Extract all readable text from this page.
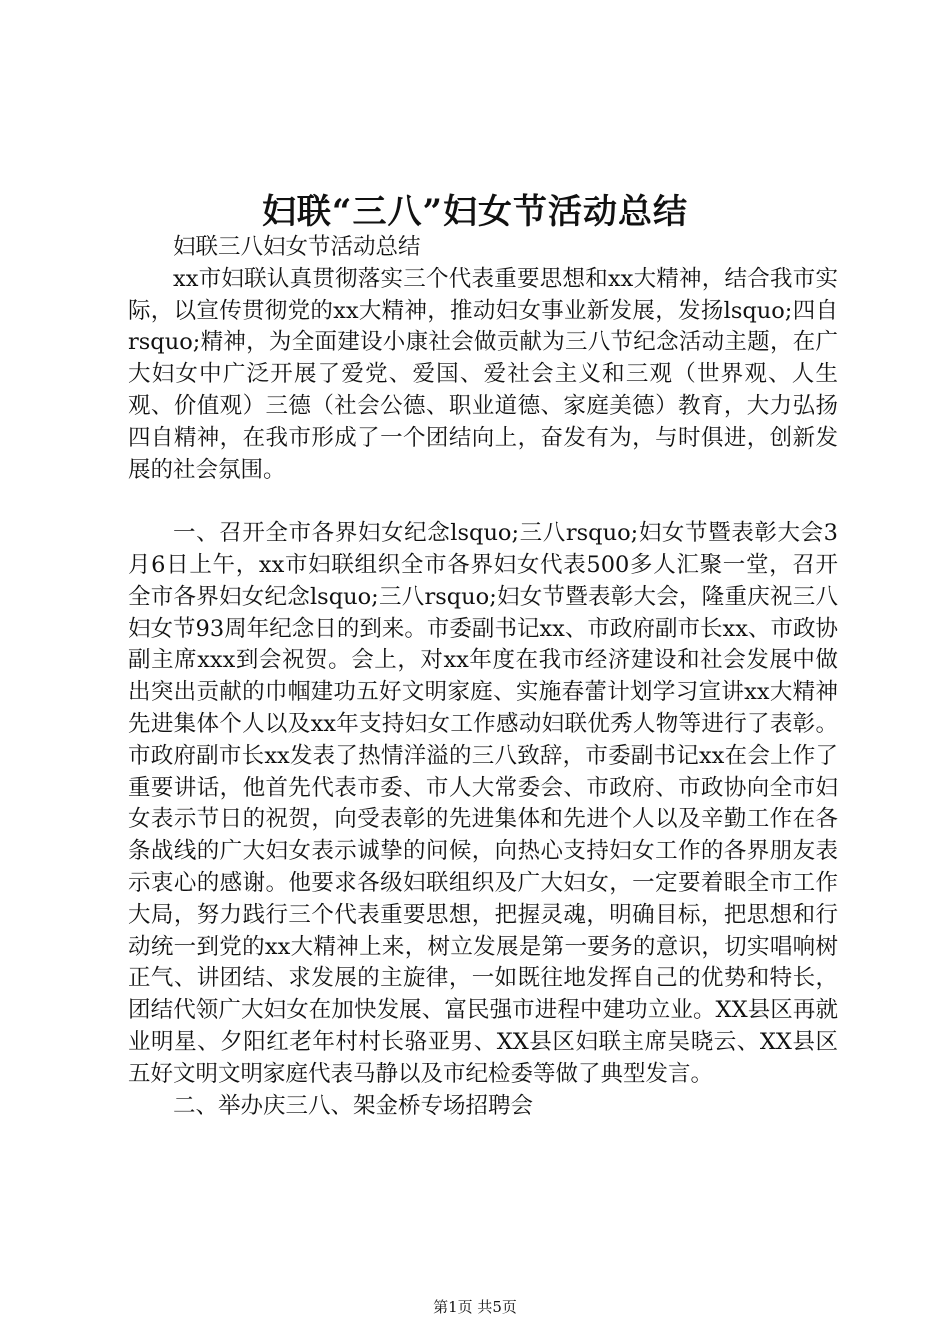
妇联“三八”妇女节活动总结

妇联三八妇女节活动总结

xx市妇联认真贯彻落实三个代表重要思想和xx大精神，结合我市实际，以宣传贯彻党的xx大精神，推动妇女事业新发展，发扬lsquo;四自rsquo;精神，为全面建设小康社会做贡献为三八节纪念活动主题，在广大妇女中广泛开展了爱党、爱国、爱社会主义和三观（世界观、人生观、价值观）三德（社会公德、职业道德、家庭美德）教育，大力弘扬四自精神，在我市形成了一个团结向上，奋发有为，与时俱进，创新发展的社会氛围。

一、召开全市各界妇女纪念lsquo;三八rsquo;妇女节暨表彰大会3月6日上午，xx市妇联组织全市各界妇女代表500多人汇聚一堂，召开全市各界妇女纪念lsquo;三八rsquo;妇女节暨表彰大会，隆重庆祝三八妇女节93周年纪念日的到来。市委副书记xx、市政府副市长xx、市政协副主席xxx到会祝贺。会上，对xx年度在我市经济建设和社会发展中做出突出贡献的巾帼建功五好文明家庭、实施春蕾计划学习宣讲xx大精神先进集体个人以及xx年支持妇女工作感动妇联优秀人物等进行了表彰。市政府副市长xx发表了热情洋溢的三八致辞，市委副书记xx在会上作了重要讲话，他首先代表市委、市人大常委会、市政府、市政协向全市妇女表示节日的祝贺，向受表彰的先进集体和先进个人以及辛勤工作在各条战线的广大妇女表示诚挚的问候，向热心支持妇女工作的各界朋友表示衷心的感谢。他要求各级妇联组织及广大妇女，一定要着眼全市工作大局，努力践行三个代表重要思想，把握灵魂，明确目标，把思想和行动统一到党的xx大精神上来，树立发展是第一要务的意识，切实唱响树正气、讲团结、求发展的主旋律，一如既往地发挥自己的优势和特长，团结代领广大妇女在加快发展、富民强市进程中建功立业。XX县区再就业明星、夕阳红老年村村长骆亚男、XX县区妇联主席吴晓云、XX县区五好文明文明家庭代表马静以及市纪检委等做了典型发言。

二、举办庆三八、架金桥专场招聘会

第1页 共5页
